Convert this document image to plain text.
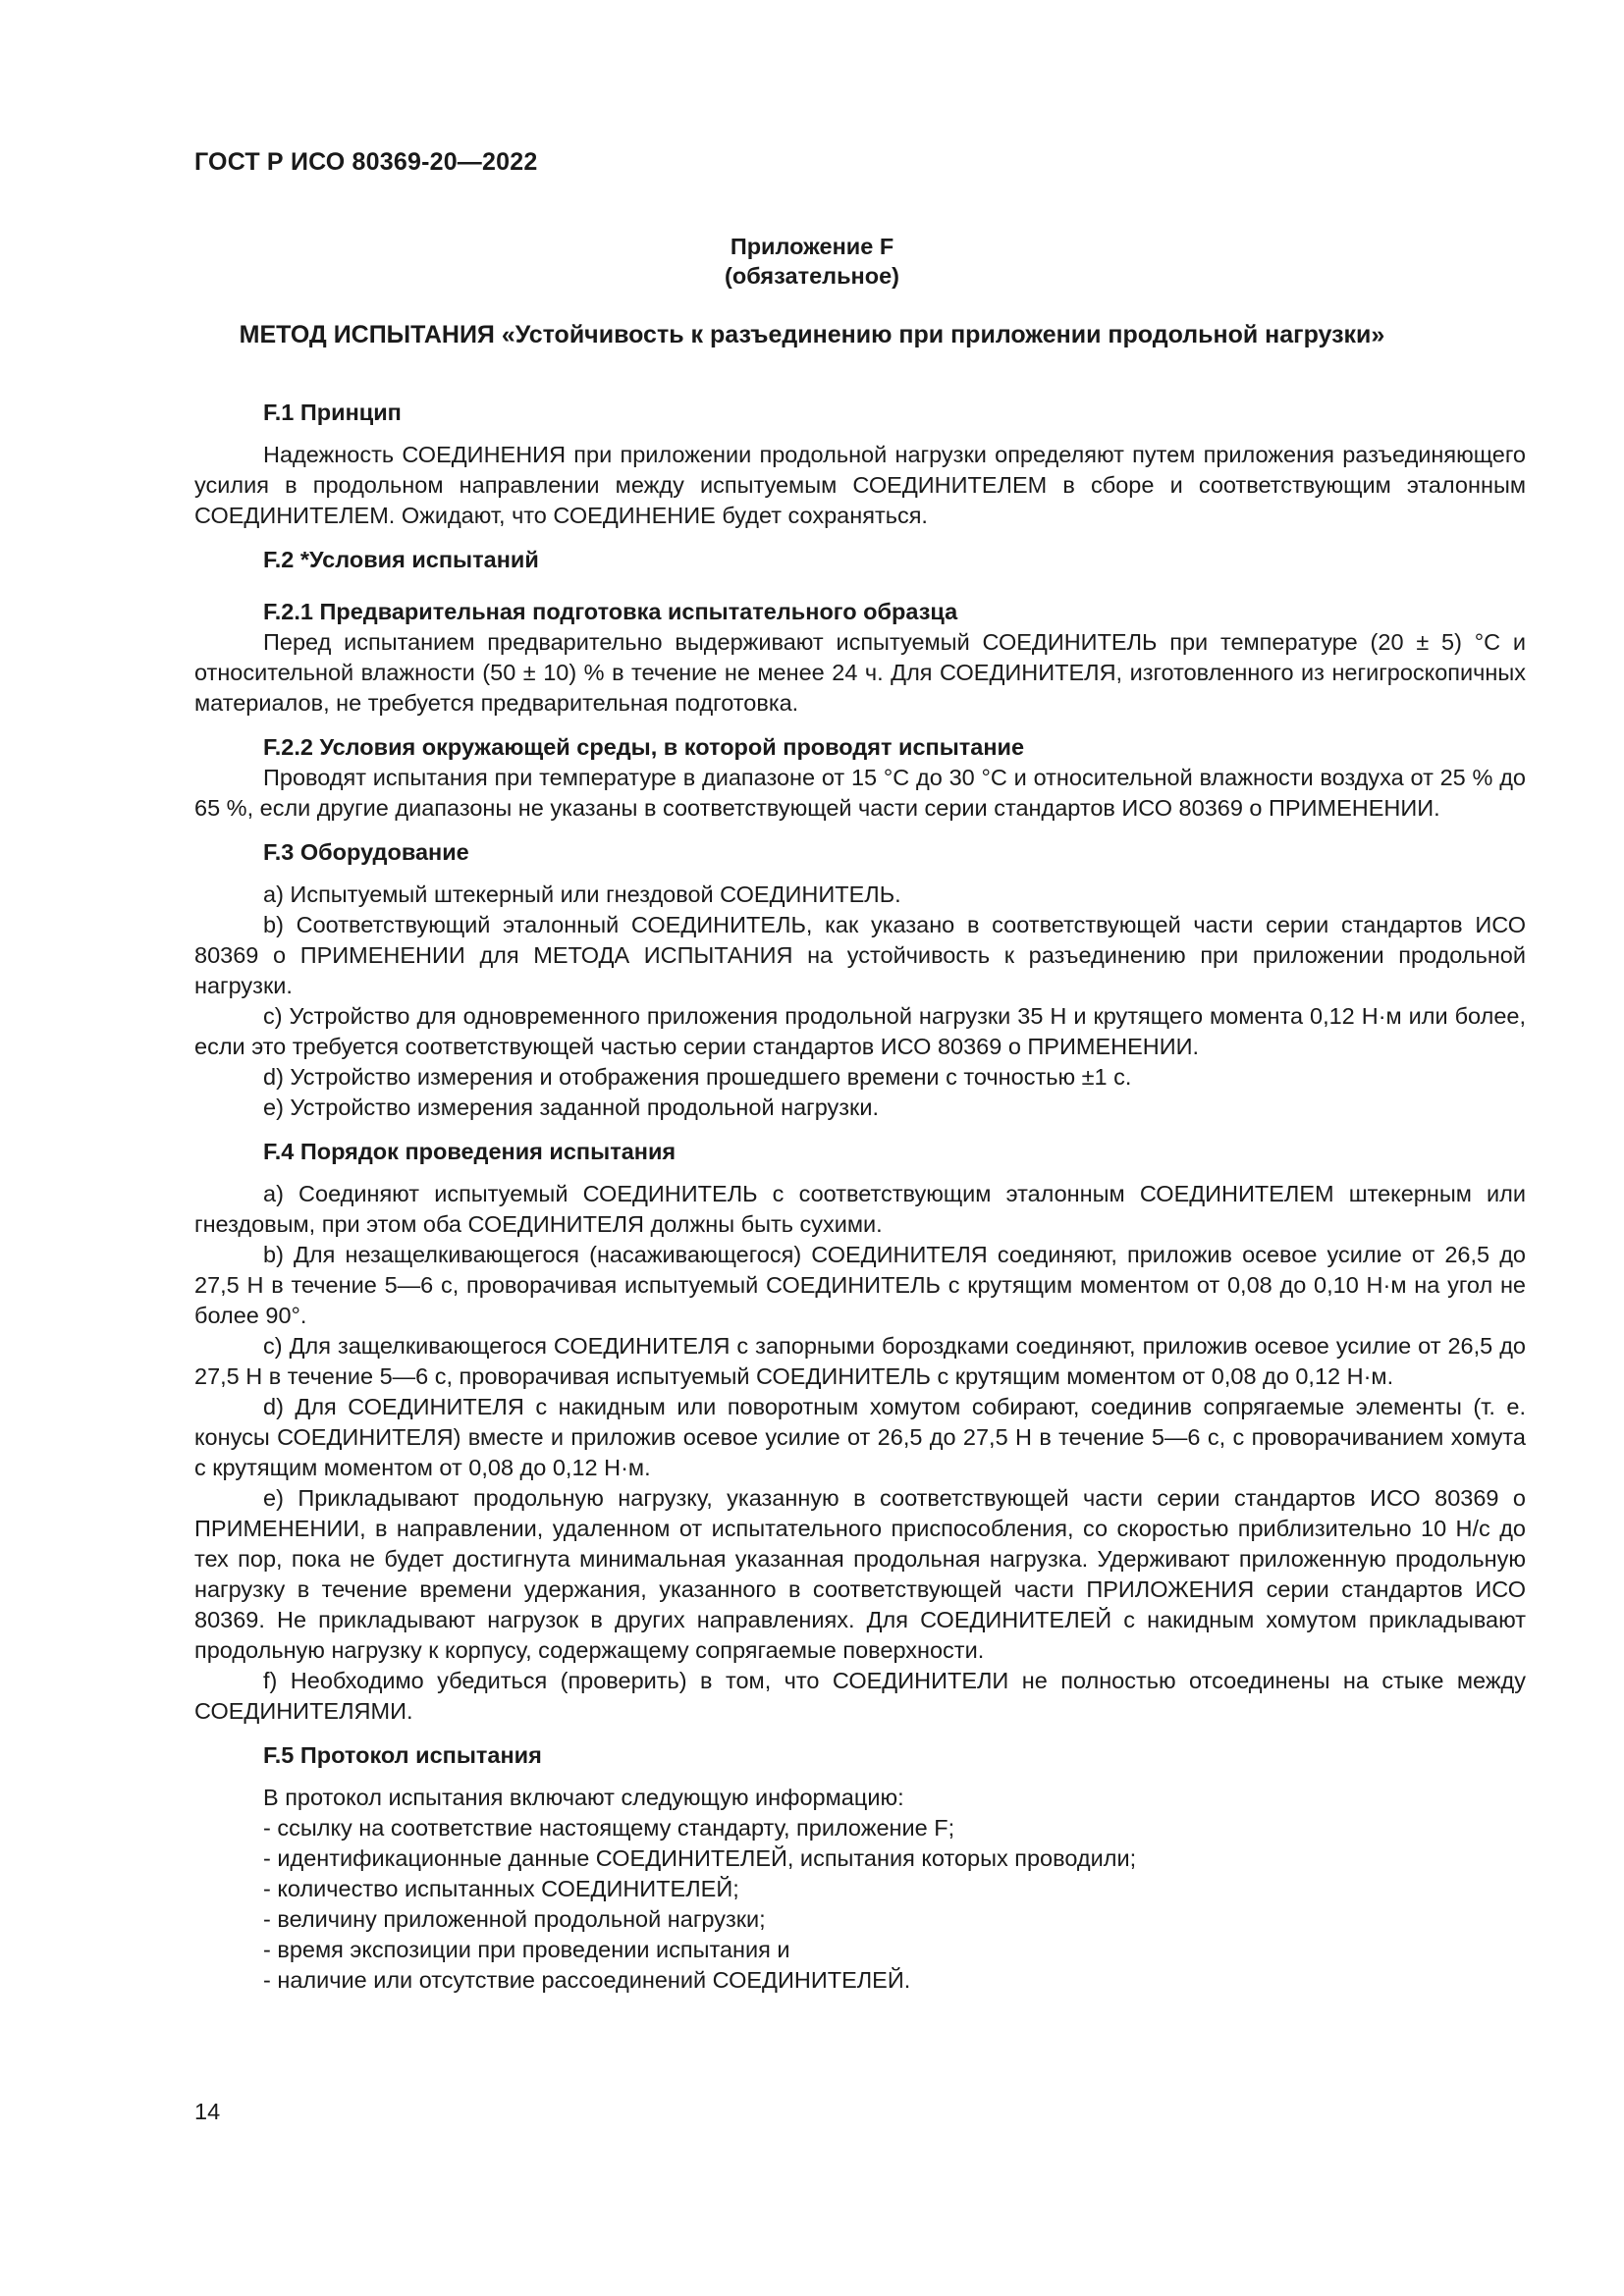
ГОСТ Р ИСО 80369-20—2022
Приложение F
(обязательное)
МЕТОД ИСПЫТАНИЯ «Устойчивость к разъединению при приложении продольной нагрузки»

F.1 Принцип

Надежность СОЕДИНЕНИЯ при приложении продольной нагрузки определяют путем приложения разъединяющего усилия в продольном направлении между испытуемым СОЕДИНИТЕЛЕМ в сборе и соответствующим эталонным СОЕДИНИТЕЛЕМ. Ожидают, что СОЕДИНЕНИЕ будет сохраняться.

F.2 *Условия испытаний

F.2.1 Предварительная подготовка испытательного образца

Перед испытанием предварительно выдерживают испытуемый СОЕДИНИТЕЛЬ при температуре (20 ± 5) °С и относительной влажности (50 ± 10) % в течение не менее 24 ч. Для СОЕДИНИТЕЛЯ, изготовленного из негигроскопичных материалов, не требуется предварительная подготовка.

F.2.2 Условия окружающей среды, в которой проводят испытание

Проводят испытания при температуре в диапазоне от 15 °С до 30 °С и относительной влажности воздуха от 25 % до 65 %, если другие диапазоны не указаны в соответствующей части серии стандартов ИСО 80369 о ПРИМЕНЕНИИ.

F.3 Оборудование

a) Испытуемый штекерный или гнездовой СОЕДИНИТЕЛЬ.

b) Соответствующий эталонный СОЕДИНИТЕЛЬ, как указано в соответствующей части серии стандартов ИСО 80369 о ПРИМЕНЕНИИ для МЕТОДА ИСПЫТАНИЯ на устойчивость к разъединению при приложении продольной нагрузки.

c) Устройство для одновременного приложения продольной нагрузки 35 Н и крутящего момента 0,12 Н·м или более, если это требуется соответствующей частью серии стандартов ИСО 80369 о ПРИМЕНЕНИИ.

d) Устройство измерения и отображения прошедшего времени с точностью ±1 с.

e) Устройство измерения заданной продольной нагрузки.

F.4 Порядок проведения испытания

a) Соединяют испытуемый СОЕДИНИТЕЛЬ с соответствующим эталонным СОЕДИНИТЕЛЕМ штекерным или гнездовым, при этом оба СОЕДИНИТЕЛЯ должны быть сухими.

b) Для незащелкивающегося (насаживающегося) СОЕДИНИТЕЛЯ соединяют, приложив осевое усилие от 26,5 до 27,5 Н в течение 5—6 с, проворачивая испытуемый СОЕДИНИТЕЛЬ с крутящим моментом от 0,08 до 0,10 Н·м на угол не более 90°.

c) Для защелкивающегося СОЕДИНИТЕЛЯ с запорными бороздками соединяют, приложив осевое усилие от 26,5 до 27,5 Н в течение 5—6 с, проворачивая испытуемый СОЕДИНИТЕЛЬ с крутящим моментом от 0,08 до 0,12 Н·м.

d) Для СОЕДИНИТЕЛЯ с накидным или поворотным хомутом собирают, соединив сопрягаемые элементы (т. е. конусы СОЕДИНИТЕЛЯ) вместе и приложив осевое усилие от 26,5 до 27,5 Н в течение 5—6 с, с проворачиванием хомута с крутящим моментом от 0,08 до 0,12 Н·м.

e) Прикладывают продольную нагрузку, указанную в соответствующей части серии стандартов ИСО 80369 о ПРИМЕНЕНИИ, в направлении, удаленном от испытательного приспособления, со скоростью приблизительно 10 Н/с до тех пор, пока не будет достигнута минимальная указанная продольная нагрузка. Удерживают приложенную продольную нагрузку в течение времени удержания, указанного в соответствующей части ПРИЛОЖЕНИЯ серии стандартов ИСО 80369. Не прикладывают нагрузок в других направлениях. Для СОЕДИНИТЕЛЕЙ с накидным хомутом прикладывают продольную нагрузку к корпусу, содержащему сопрягаемые поверхности.

f) Необходимо убедиться (проверить) в том, что СОЕДИНИТЕЛИ не полностью отсоединены на стыке между СОЕДИНИТЕЛЯМИ.

F.5 Протокол испытания

В протокол испытания включают следующую информацию:

- ссылку на соответствие настоящему стандарту, приложение F;

- идентификационные данные СОЕДИНИТЕЛЕЙ, испытания которых проводили;

- количество испытанных СОЕДИНИТЕЛЕЙ;

- величину приложенной продольной нагрузки;

- время экспозиции при проведении испытания и

- наличие или отсутствие рассоединений СОЕДИНИТЕЛЕЙ.

14
